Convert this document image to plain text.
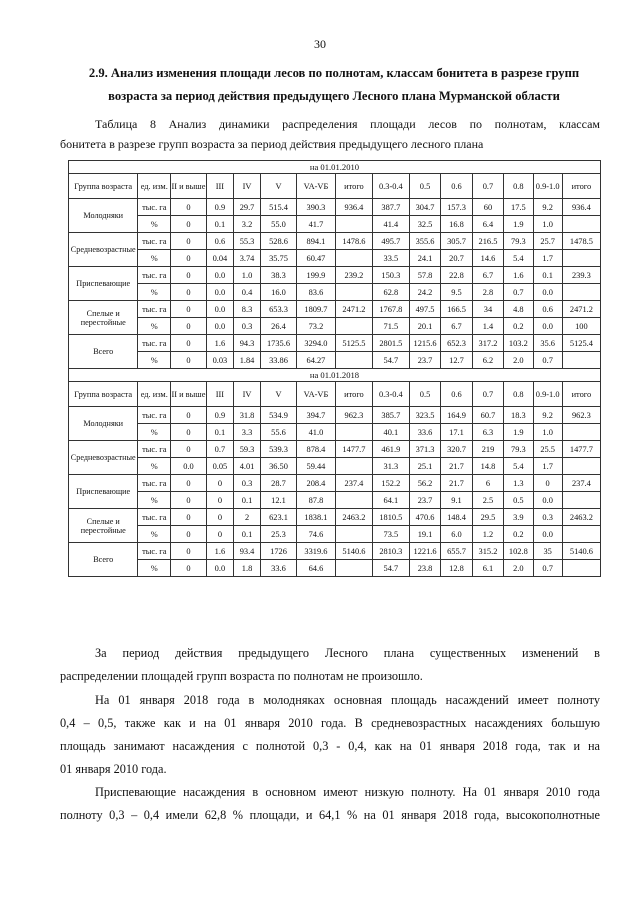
30
2.9. Анализ изменения площади лесов по полнотам, классам бонитета в разрезе групп возраста за период действия предыдущего Лесного плана Мурманской области
Таблица 8 Анализ динамики распределения площади лесов по полнотам, классам
бонитета в разрезе групп возраста за период действия предыдущего лесного плана
на 01.01.2010														
Группа возраста	ед. изм.	II и выше	III	IV	V	VA-VБ	итого	0.3-0.4	0.5	0.6	0.7	0.8	0.9-1.0	итого
Молодняки	тыс. га	0	0.9	29.7	515.4	390.3	936.4	387.7	304.7	157.3	60	17.5	9.2	936.4
	%	0	0.1	3.2	55.0	41.7		41.4	32.5	16.8	6.4	1.9	1.0	
Средневозрастные	тыс. га	0	0.6	55.3	528.6	894.1	1478.6	495.7	355.6	305.7	216.5	79.3	25.7	1478.5
	%	0	0.04	3.74	35.75	60.47		33.5	24.1	20.7	14.6	5.4	1.7	
Приспевающие	тыс. га	0	0.0	1.0	38.3	199.9	239.2	150.3	57.8	22.8	6.7	1.6	0.1	239.3
	%	0	0.0	0.4	16.0	83.6		62.8	24.2	9.5	2.8	0.7	0.0	
Спелые и перестойные	тыс. га	0	0.0	8.3	653.3	1809.7	2471.2	1767.8	497.5	166.5	34	4.8	0.6	2471.2
	%	0	0.0	0.3	26.4	73.2		71.5	20.1	6.7	1.4	0.2	0.0	100
Всего	тыс. га	0	1.6	94.3	1735.6	3294.0	5125.5	2801.5	1215.6	652.3	317.2	103.2	35.6	5125.4
	%	0	0.03	1.84	33.86	64.27		54.7	23.7	12.7	6.2	2.0	0.7	
на 01.01.2018														
Группа возраста	ед. изм.	II и выше	III	IV	V	VA-VБ	итого	0.3-0.4	0.5	0.6	0.7	0.8	0.9-1.0	итого
Молодняки	тыс. га	0	0.9	31.8	534.9	394.7	962.3	385.7	323.5	164.9	60.7	18.3	9.2	962.3
	%	0	0.1	3.3	55.6	41.0		40.1	33.6	17.1	6.3	1.9	1.0	
Средневозрастные	тыс. га	0	0.7	59.3	539.3	878.4	1477.7	461.9	371.3	320.7	219	79.3	25.5	1477.7
	%	0.0	0.05	4.01	36.50	59.44		31.3	25.1	21.7	14.8	5.4	1.7	
Приспевающие	тыс. га	0	0	0.3	28.7	208.4	237.4	152.2	56.2	21.7	6	1.3	0	237.4
	%	0	0	0.1	12.1	87.8		64.1	23.7	9.1	2.5	0.5	0.0	
Спелые и перестойные	тыс. га	0	0	2	623.1	1838.1	2463.2	1810.5	470.6	148.4	29.5	3.9	0.3	2463.2
	%	0	0	0.1	25.3	74.6		73.5	19.1	6.0	1.2	0.2	0.0	
Всего	тыс. га	0	1.6	93.4	1726	3319.6	5140.6	2810.3	1221.6	655.7	315.2	102.8	35	5140.6
	%	0	0.0	1.8	33.6	64.6		54.7	23.8	12.8	6.1	2.0	0.7	
За период действия предыдущего Лесного плана существенных изменений в
распределении площадей групп возраста по полнотам не произошло.
На 01 января 2018 года в молодняках основная площадь насаждений имеет полноту
0,4 – 0,5, также как и на 01 января 2010 года. В средневозрастных насаждениях большую
площадь занимают насаждения с полнотой 0,3 - 0,4, как на 01 января 2018 года, так и на
01 января 2010 года.
Приспевающие насаждения в основном имеют низкую полноту. На 01 января 2010 года
полноту 0,3 – 0,4 имели 62,8 % площади, и 64,1 % на 01 января 2018 года, высокополнотные
